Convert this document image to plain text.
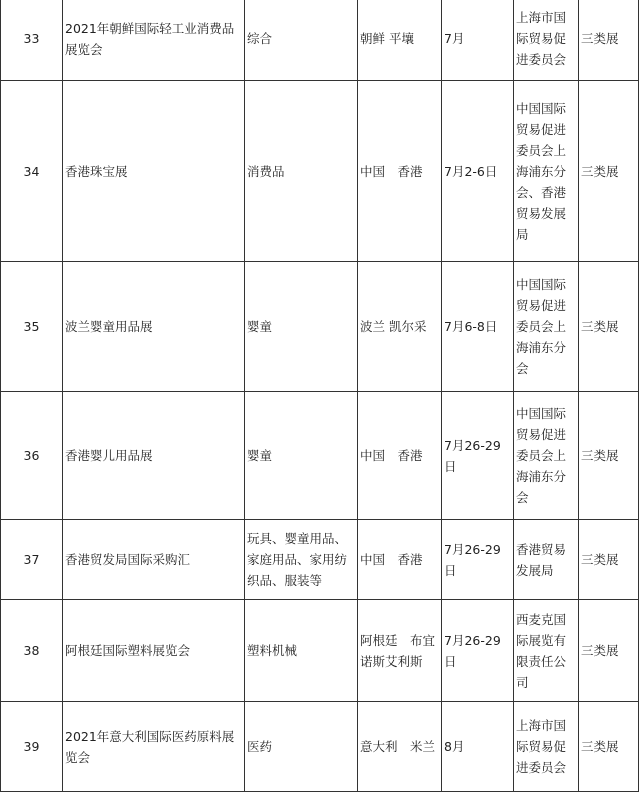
33	2021年朝鲜国际轻工业消费品展览会	综合	朝鲜 平壤	7月	上海市国际贸易促进委员会	三类展
34	香港珠宝展	消费品	中国　香港	7月2-6日	中国国际贸易促进委员会上海浦东分会、香港贸易发展局	三类展
35	波兰婴童用品展	婴童	波兰 凯尔采	7月6-8日	中国国际贸易促进委员会上海浦东分会	三类展
36	香港婴儿用品展	婴童	中国　香港	7月26-29日	中国国际贸易促进委员会上海浦东分会	三类展
37	香港贸发局国际采购汇	玩具、婴童用品、家庭用品、家用纺织品、服装等	中国　香港	7月26-29日	香港贸易发展局	三类展
38	阿根廷国际塑料展览会	塑料机械	阿根廷　布宜诺斯艾利斯	7月26-29日	西麦克国际展览有限责任公司	三类展
39	2021年意大利国际医药原料展览会	医药	意大利　米兰	8月	上海市国际贸易促进委员会	三类展
